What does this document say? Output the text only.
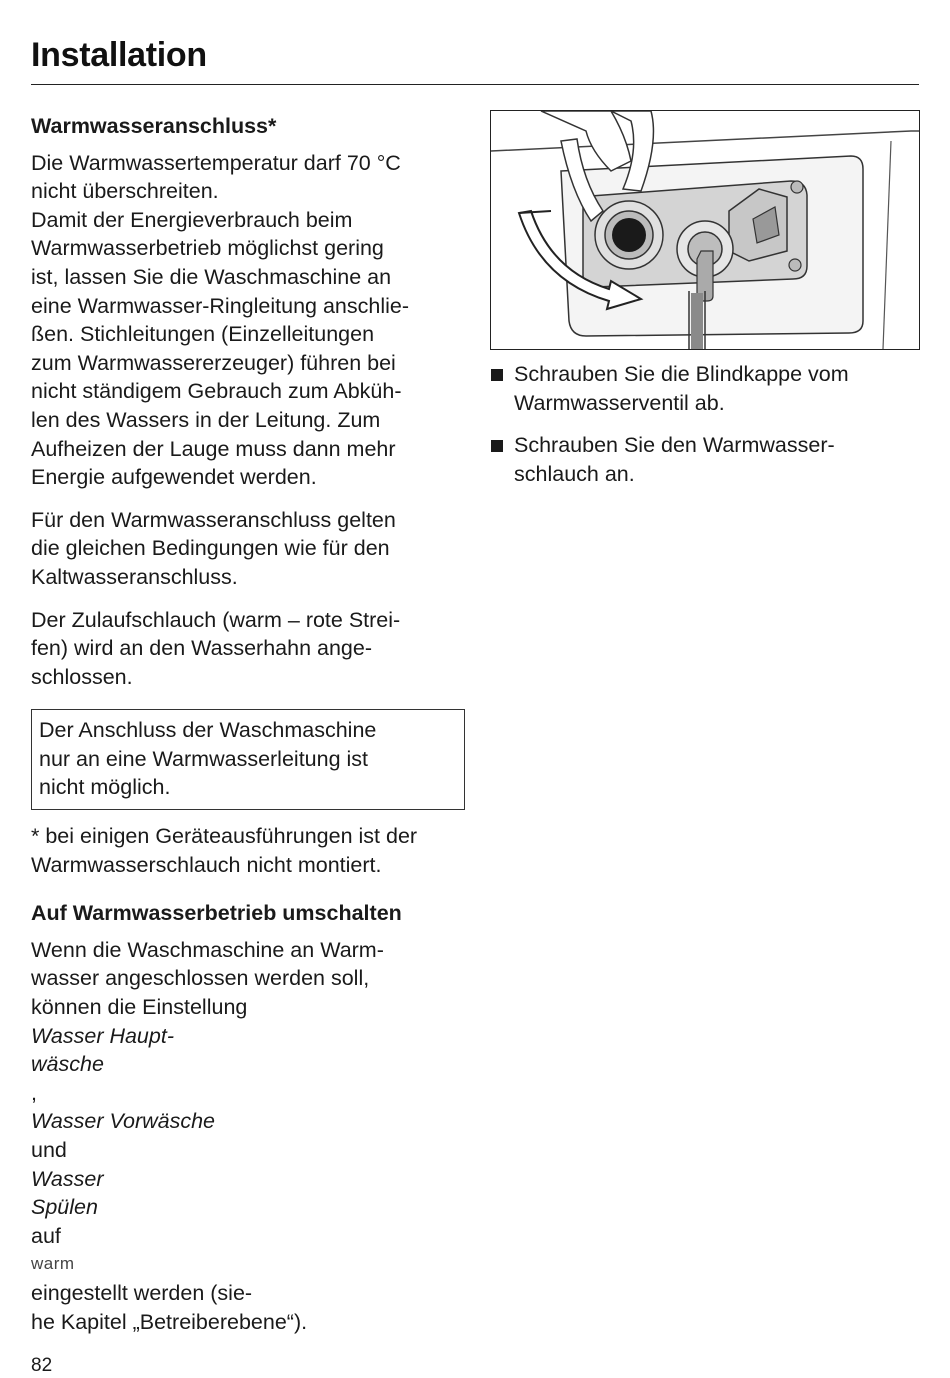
Installation
Warmwasseranschluss*
Die Warmwassertemperatur darf 70 °C
nicht überschreiten.
Damit der Energieverbrauch beim
Warmwasserbetrieb möglichst gering
ist, lassen Sie die Waschmaschine an
eine Warmwasser-Ringleitung anschlie-
ßen. Stichleitungen (Einzelleitungen
zum Warmwassererzeuger) führen bei
nicht ständigem Gebrauch zum Abküh-
len des Wassers in der Leitung. Zum
Aufheizen der Lauge muss dann mehr
Energie aufgewendet werden.
Für den Warmwasseranschluss gelten
die gleichen Bedingungen wie für den
Kaltwasseranschluss.
Der Zulaufschlauch (warm – rote Strei-
fen) wird an den Wasserhahn ange-
schlossen.
Der Anschluss der Waschmaschine
nur an eine Warmwasserleitung ist
nicht möglich.
* bei einigen Geräteausführungen ist der
Warmwasserschlauch nicht montiert.
Auf Warmwasserbetrieb umschalten
Wenn die Waschmaschine an Warm-
wasser angeschlossen werden soll,
können die Einstellung
Wasser Haupt-
wäsche
,
Wasser Vorwäsche
und
Wasser
Spülen
auf
warm
eingestellt werden (sie-
he Kapitel „Betreiberebene“).
Schrauben Sie die Blindkappe vom
Warmwasserventil ab.
Schrauben Sie den Warmwasser-
schlauch an.
82
